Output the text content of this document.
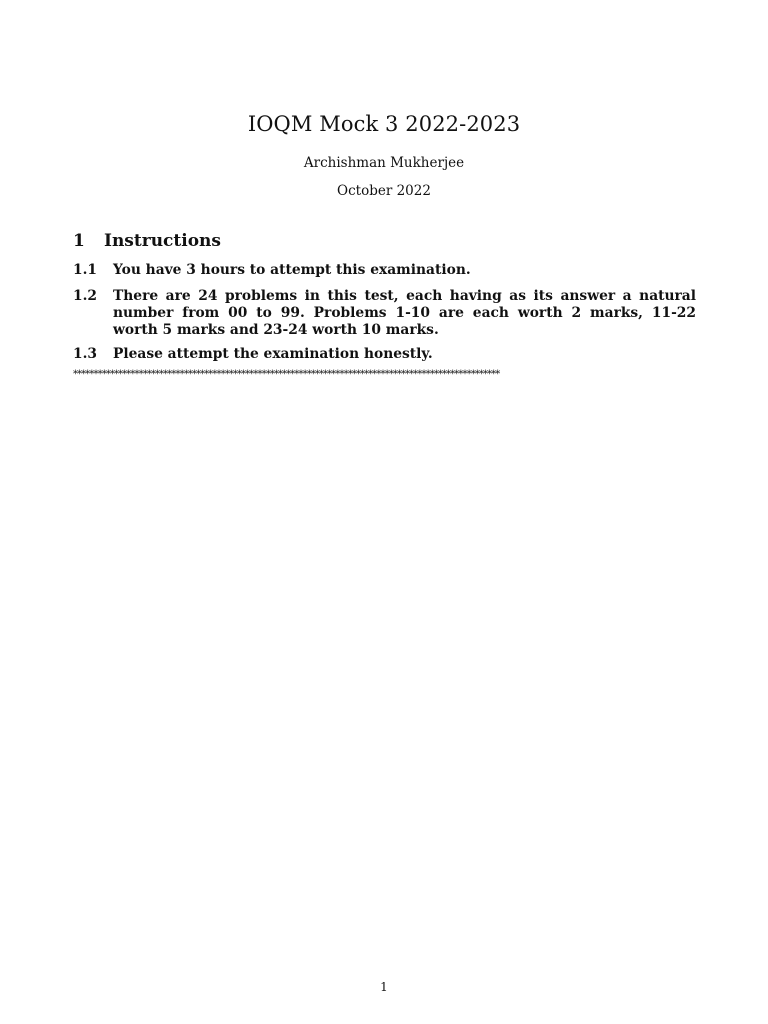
IOQM Mock 3 2022-2023
Archishman Mukherjee
October 2022
1	Instructions
1.1	You have 3 hours to attempt this examination.
1.2	There are 24 problems in this test, each having as its answer a natural number from 00 to 99. Problems 1-10 are each worth 2 marks, 11-22 worth 5 marks and 23-24 worth 10 marks.
1.3	Please attempt the examination honestly.
********************************************************************************************************
1
